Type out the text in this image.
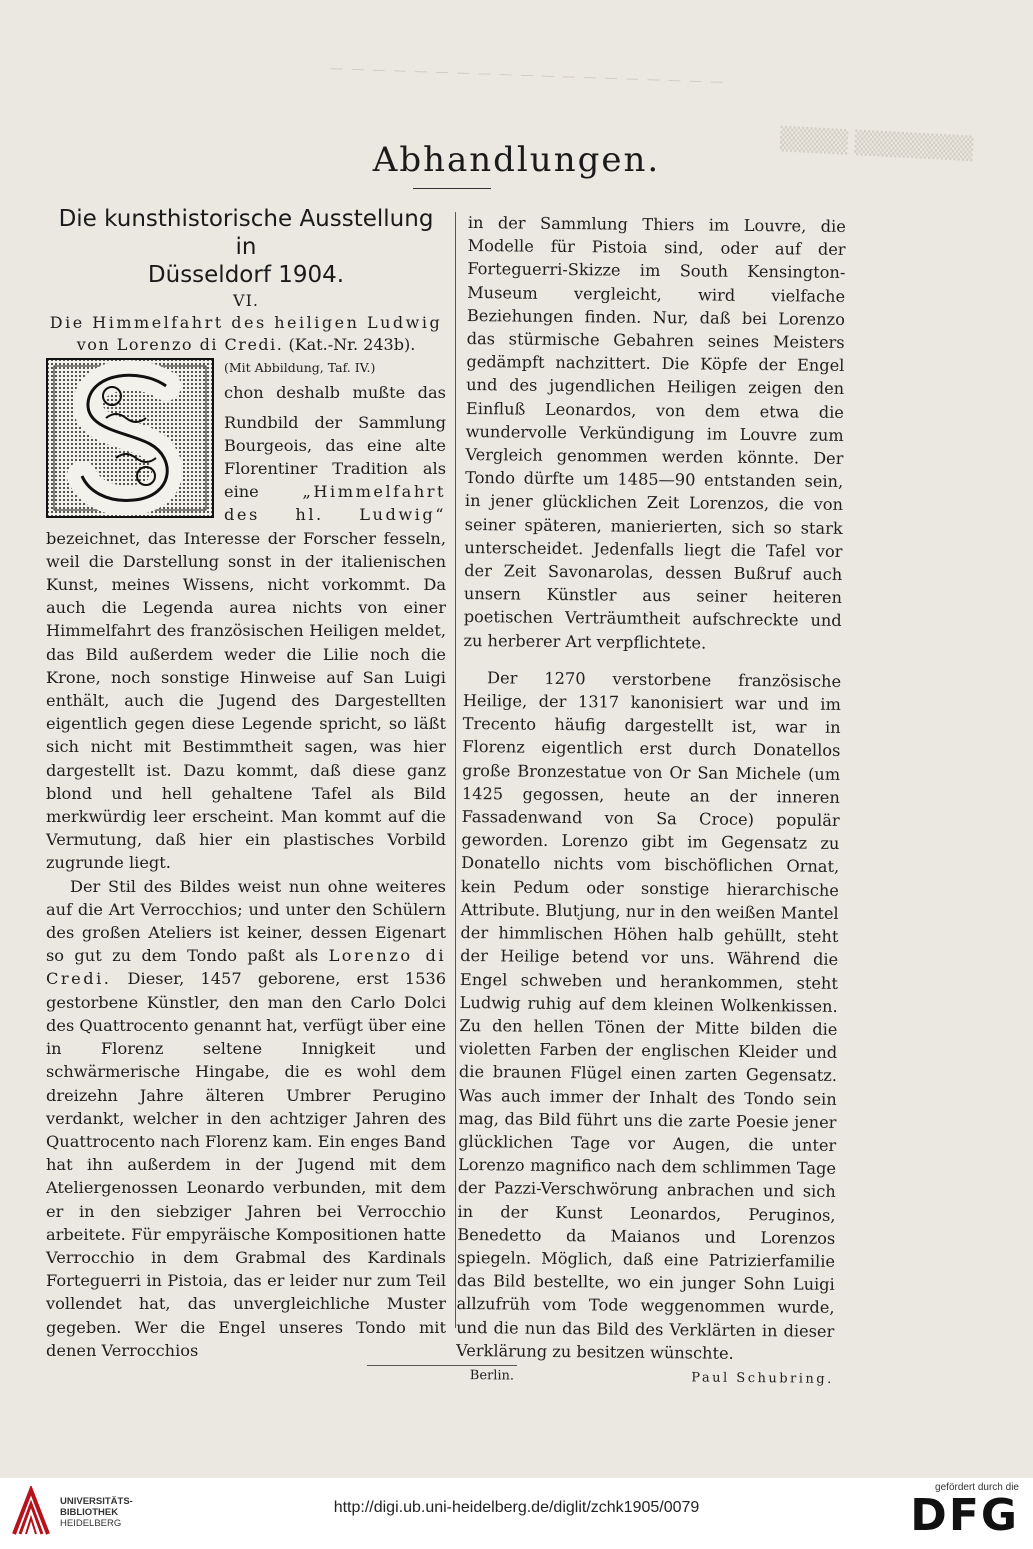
— — — — — — — — — — — — — — — — — — —
▒▒▒▒ ▒▒▒▒▒▒▒
Abhandlungen.

Die kunsthistorische Ausstellung in

Düsseldorf 1904.

VI.

Die Himmelfahrt des heiligen Ludwig

von Lorenzo di Credi. (Kat.-Nr. 243b).

(Mit Abbildung, Taf. IV.)

chon deshalb mußte das Rundbild der Sammlung Bourgeois, das eine alte Florentiner Tradition als eine „Himmelfahrt des hl. Ludwig“ bezeichnet, das Interesse der Forscher fesseln, weil die Darstellung sonst in der italienischen Kunst, meines Wissens, nicht vorkommt. Da auch die Legenda aurea nichts von einer Himmelfahrt des französischen Heiligen meldet, das Bild außerdem weder die Lilie noch die Krone, noch sonstige Hinweise auf San Luigi enthält, auch die Jugend des Dargestellten eigentlich gegen diese Legende spricht, so läßt sich nicht mit Bestimmtheit sagen, was hier dargestellt ist. Dazu kommt, daß diese ganz blond und hell gehaltene Tafel als Bild merkwürdig leer erscheint. Man kommt auf die Vermutung, daß hier ein plastisches Vorbild zugrunde liegt.

Der Stil des Bildes weist nun ohne weiteres auf die Art Verrocchios; und unter den Schülern des großen Ateliers ist keiner, dessen Eigenart so gut zu dem Tondo paßt als Lorenzo di Credi. Dieser, 1457 geborene, erst 1536 gestorbene Künstler, den man den Carlo Dolci des Quattrocento genannt hat, verfügt über eine in Florenz seltene Innigkeit und schwärmerische Hingabe, die es wohl dem dreizehn Jahre älteren Umbrer Perugino verdankt, welcher in den achtziger Jahren des Quattrocento nach Florenz kam. Ein enges Band hat ihn außerdem in der Jugend mit dem Ateliergenossen Leonardo verbunden, mit dem er in den siebziger Jahren bei Verrocchio arbeitete. Für empyräische Kompositionen hatte Verrocchio in dem Grabmal des Kardinals Forteguerri in Pistoia, das er leider nur zum Teil vollendet hat, das unvergleichliche Muster gegeben. Wer die Engel unseres Tondo mit denen Verrocchios

in der Sammlung Thiers im Louvre, die Modelle für Pistoia sind, oder auf der Forteguerri-Skizze im South Kensington-Museum vergleicht, wird vielfache Beziehungen finden. Nur, daß bei Lorenzo das stürmische Gebahren seines Meisters gedämpft nachzittert. Die Köpfe der Engel und des jugendlichen Heiligen zeigen den Einfluß Leonardos, von dem etwa die wundervolle Verkündigung im Louvre zum Vergleich genommen werden könnte. Der Tondo dürfte um 1485—90 entstanden sein, in jener glücklichen Zeit Lorenzos, die von seiner späteren, manierierten, sich so stark unterscheidet. Jedenfalls liegt die Tafel vor der Zeit Savonarolas, dessen Bußruf auch unsern Künstler aus seiner heiteren poetischen Verträumtheit aufschreckte und zu herberer Art verpflichtete.

Der 1270 verstorbene französische Heilige, der 1317 kanonisiert war und im Trecento häufig dargestellt ist, war in Florenz eigentlich erst durch Donatellos große Bronzestatue von Or San Michele (um 1425 gegossen, heute an der inneren Fassadenwand von Sa Croce) populär geworden. Lorenzo gibt im Gegensatz zu Donatello nichts vom bischöflichen Ornat, kein Pedum oder sonstige hierarchische Attribute. Blutjung, nur in den weißen Mantel der himmlischen Höhen halb gehüllt, steht der Heilige betend vor uns. Während die Engel schweben und herankommen, steht Ludwig ruhig auf dem kleinen Wolkenkissen. Zu den hellen Tönen der Mitte bilden die violetten Farben der englischen Kleider und die braunen Flügel einen zarten Gegensatz. Was auch immer der Inhalt des Tondo sein mag, das Bild führt uns die zarte Poesie jener glücklichen Tage vor Augen, die unter Lorenzo magnifico nach dem schlimmen Tage der Pazzi-Verschwörung anbrachen und sich in der Kunst Leonardos, Peruginos, Benedetto da Maianos und Lorenzos spiegeln. Möglich, daß eine Patrizierfamilie das Bild bestellte, wo ein junger Sohn Luigi allzufrüh vom Tode weggenommen wurde, und die nun das Bild des Verklärten in dieser Verklärung zu besitzen wünschte.

Berlin.	Paul Schubring.
UNIVERSITÄTS-
BIBLIOTHEK
HEIDELBERG
http://digi.ub.uni-heidelberg.de/diglit/zchk1905/0079
gefördert durch die
DFG
